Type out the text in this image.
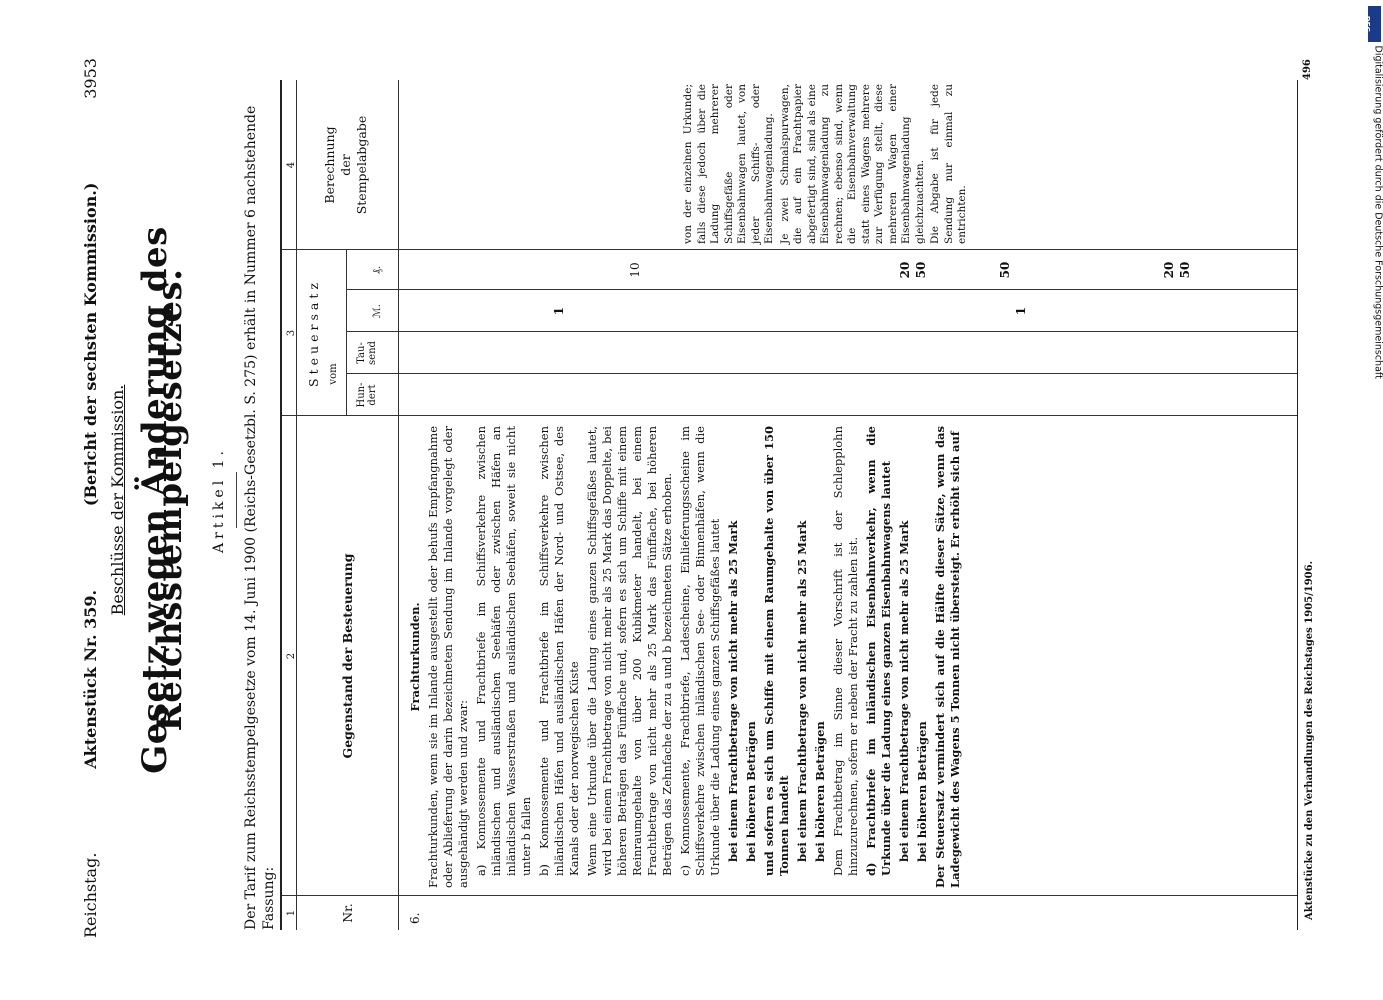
Reichstag.
Aktenstück Nr. 359.
(Bericht der sechsten Kommission.)
3953
Beschlüsse der Kommission. Gesetz wegen Änderung des Reichsstempelgesetzes. Artikel 1. Der Tarif zum Reichsstempelgesetze vom 14. Juni 1900 (Reichs-Gesetzbl. S. 275) erhält in Nummer 6 nachstehende Fassung: 1
2
3
4
Nr.
Gegenstand der Besteuerung
Steuersatz vom
Hun-dert
Tau-send
ℳ.
₰.
Berechnung der Stempelabgabe
6.

Frachturkunden. Frachturkunden, wenn sie im Inlande ausgestellt oder behufs Empfangnahme oder Ablieferung der darin bezeichneten Sendung im Inlande vorgelegt oder ausgehändigt werden und zwar: a) Konnossemente und Frachtbriefe im Schiffsverkehre zwischen inländischen und ausländischen Seehäfen oder zwischen Häfen an inländischen Wasserstraßen und ausländischen Seehäfen, soweit sie nicht unter b fallen b) Konnossemente und Frachtbriefe im Schiffsverkehre zwischen inländischen Häfen und ausländischen Häfen der Nord- und Ostsee, des Kanals oder der norwegischen Küste Wenn eine Urkunde über die Ladung eines ganzen Schiffsgefäßes lautet, wird bei einem Frachtbetrage von nicht mehr als 25 Mark das Doppelte, bei höheren Beträgen das Fünffache und, sofern es sich um Schiffe mit einem Reinraumgehalte von über 200 Kubikmeter handelt, bei einem Frachtbetrage von nicht mehr als 25 Mark das Fünffache, bei höheren Beträgen das Zehnfache der zu a und b bezeichneten Sätze erhoben. c) Konnossemente, Frachtbriefe, Ladescheine, Einlieferungsscheine im Schiffsverkehre zwischen inländischen See- oder Binnenhäfen, wenn die Urkunde über die Ladung eines ganzen Schiffsgefäßes lautet bei einem Frachtbetrage von nicht mehr als 25 Mark bei höheren Beträgen und sofern es sich um Schiffe mit einem Raumgehalte von über 150 Tonnen handelt bei einem Frachtbetrage von nicht mehr als 25 Mark bei höheren Beträgen Dem Frachtbetrag im Sinne dieser Vorschrift ist der Schlepplohn hinzuzurechnen, sofern er neben der Fracht zu zahlen ist. d) Frachtbriefe im inländischen Eisenbahnverkehr, wenn die Urkunde über die Ladung eines ganzen Eisenbahnwagens lautet bei einem Frachtbetrage von nicht mehr als 25 Mark bei höheren Beträgen Der Steuersatz vermindert sich auf die Hälfte dieser Sätze, wenn das Ladegewicht des Wagens 5 Tonnen nicht übersteigt. Er erhöht sich auf

1
10	20 50	50
1
20 50

von der einzelnen Urkunde; falls diese jedoch über die Ladung mehrerer Schiffsgefäße oder Eisenbahnwagen lautet, von jeder Schiffs- oder Eisenbahnwagenladung. Je zwei Schmalspurwagen, die auf ein Frachtpapier abgefertigt sind, sind als eine Eisenbahnwagenladung zu rechnen; ebenso sind, wenn die Eisenbahnverwaltung statt eines Wagens mehrere zur Verfügung stellt, diese mehreren Wagen einer Eisenbahnwagenladung gleichzuachten. Die Abgabe ist für jede Sendung nur einmal zu entrichten.

Aktenstücke zu den Verhandlungen des Reichstages 1905/1906.
496
DFG
Digitalisierung gefördert durch die Deutsche Forschungsgemeinschaft
